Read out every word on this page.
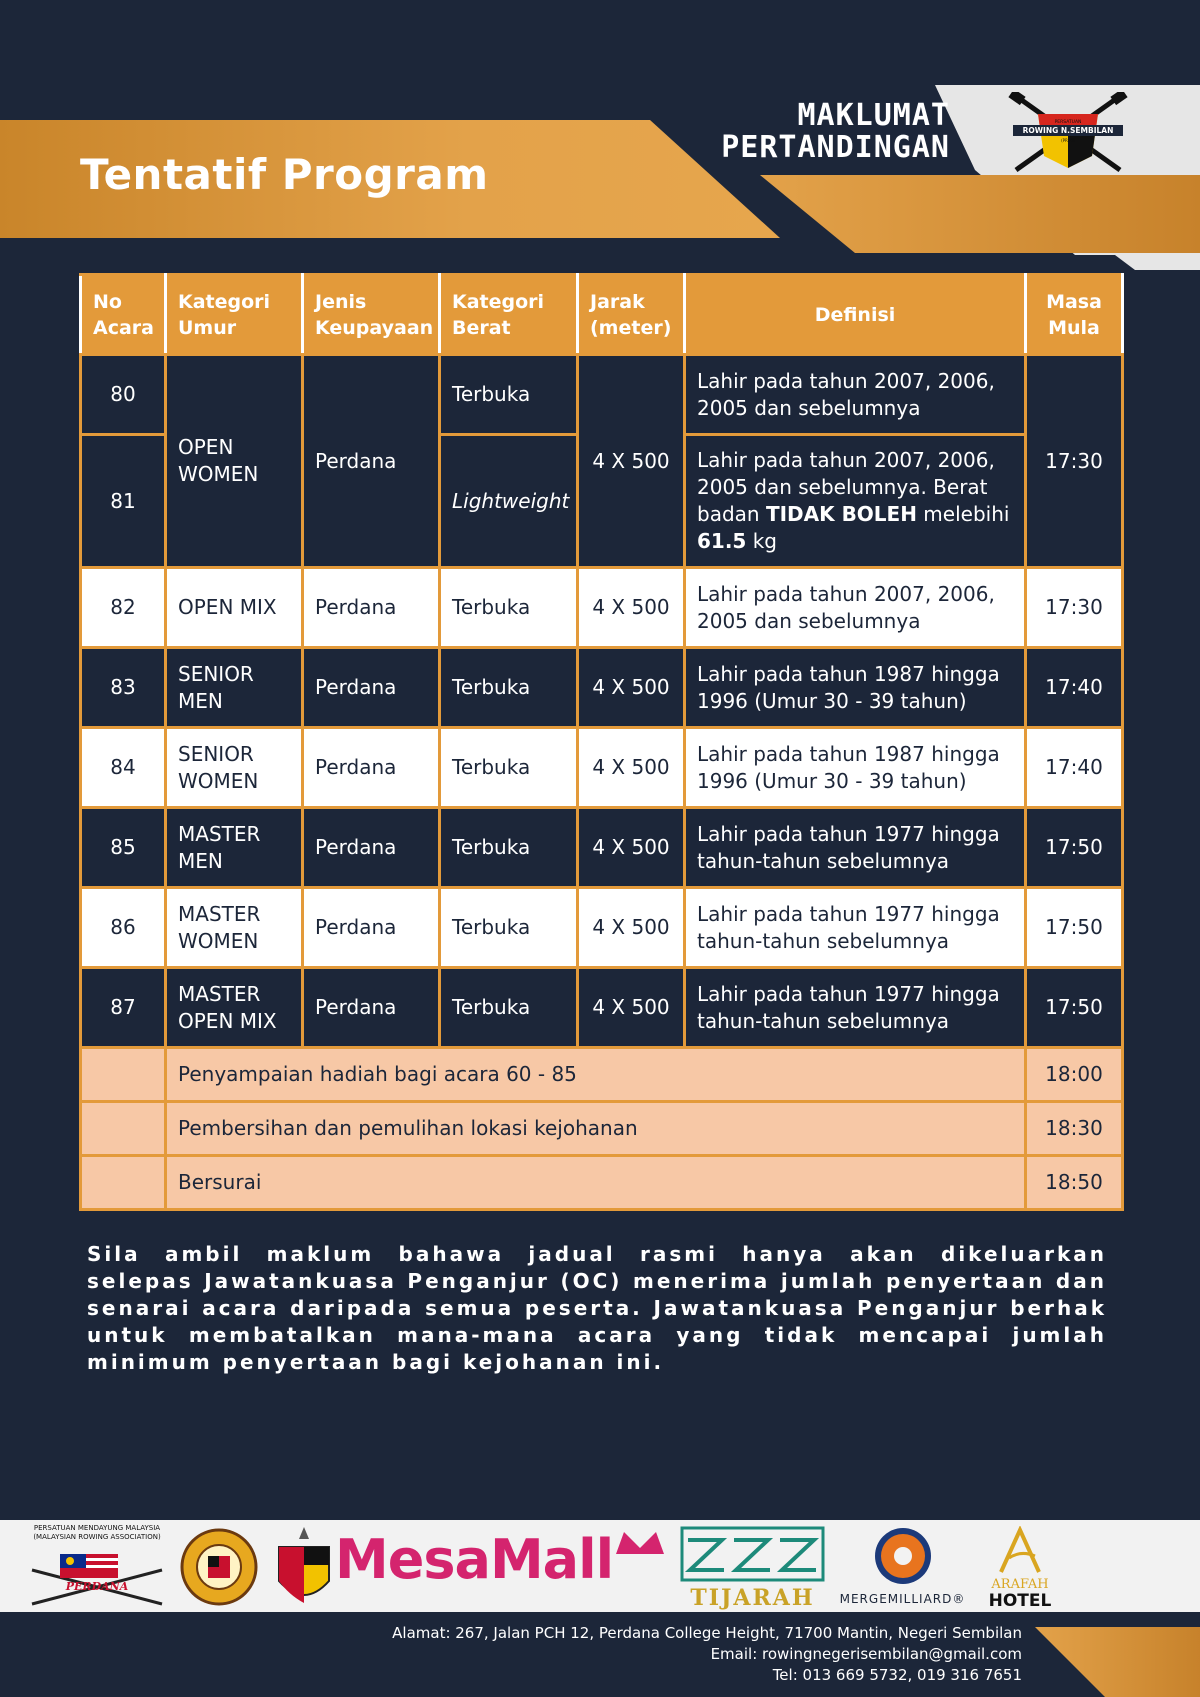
Tentatif Program
MAKLUMAT
PERTANDINGAN
PERSATUAN
ROWING N.SEMBILAN
(PRNS)
No Acara	Kategori Umur	Jenis Keupayaan	Kategori Berat	Jarak (meter)	Definisi	Masa Mula
80	OPEN WOMEN	Perdana	Terbuka	4 X 500	Lahir pada tahun 2007, 2006, 2005 dan sebelumnya	17:30
81			Lightweight		Lahir pada tahun 2007, 2006, 2005 dan sebelumnya. Berat badan TIDAK BOLEH melebihi 61.5 kg	
82	OPEN MIX	Perdana	Terbuka	4 X 500	Lahir pada tahun 2007, 2006, 2005 dan sebelumnya	17:30
83	SENIOR MEN	Perdana	Terbuka	4 X 500	Lahir pada tahun 1987 hingga 1996 (Umur 30 - 39 tahun)	17:40
84	SENIOR WOMEN	Perdana	Terbuka	4 X 500	Lahir pada tahun 1987 hingga 1996 (Umur 30 - 39 tahun)	17:40
85	MASTER MEN	Perdana	Terbuka	4 X 500	Lahir pada tahun 1977 hingga tahun-tahun sebelumnya	17:50
86	MASTER WOMEN	Perdana	Terbuka	4 X 500	Lahir pada tahun 1977 hingga tahun-tahun sebelumnya	17:50
87	MASTER OPEN MIX	Perdana	Terbuka	4 X 500	Lahir pada tahun 1977 hingga tahun-tahun sebelumnya	17:50
	Penyampaian hadiah bagi acara 60 - 85					18:00
	Pembersihan dan pemulihan lokasi kejohanan					18:30
	Bersurai					18:50
Sila ambil maklum bahawa jadual rasmi hanya akan dikeluarkan selepas Jawatankuasa Penganjur (OC) menerima jumlah penyertaan dan senarai acara daripada semua peserta. Jawatankuasa Penganjur berhak untuk membatalkan mana-mana acara yang tidak mencapai jumlah minimum penyertaan bagi kejohanan ini.
PERSATUAN MENDAYUNG MALAYSIA
(MALAYSIAN ROWING ASSOCIATION)
PERDANA	MesaMall
TIJARAH	MERGEMILLIARD®
ARAFAH
HOTEL
Alamat: 267, Jalan PCH 12, Perdana College Height, 71700 Mantin, Negeri Sembilan
Email: rowingnegerisembilan@gmail.com
Tel: 013 669 5732, 019 316 7651
